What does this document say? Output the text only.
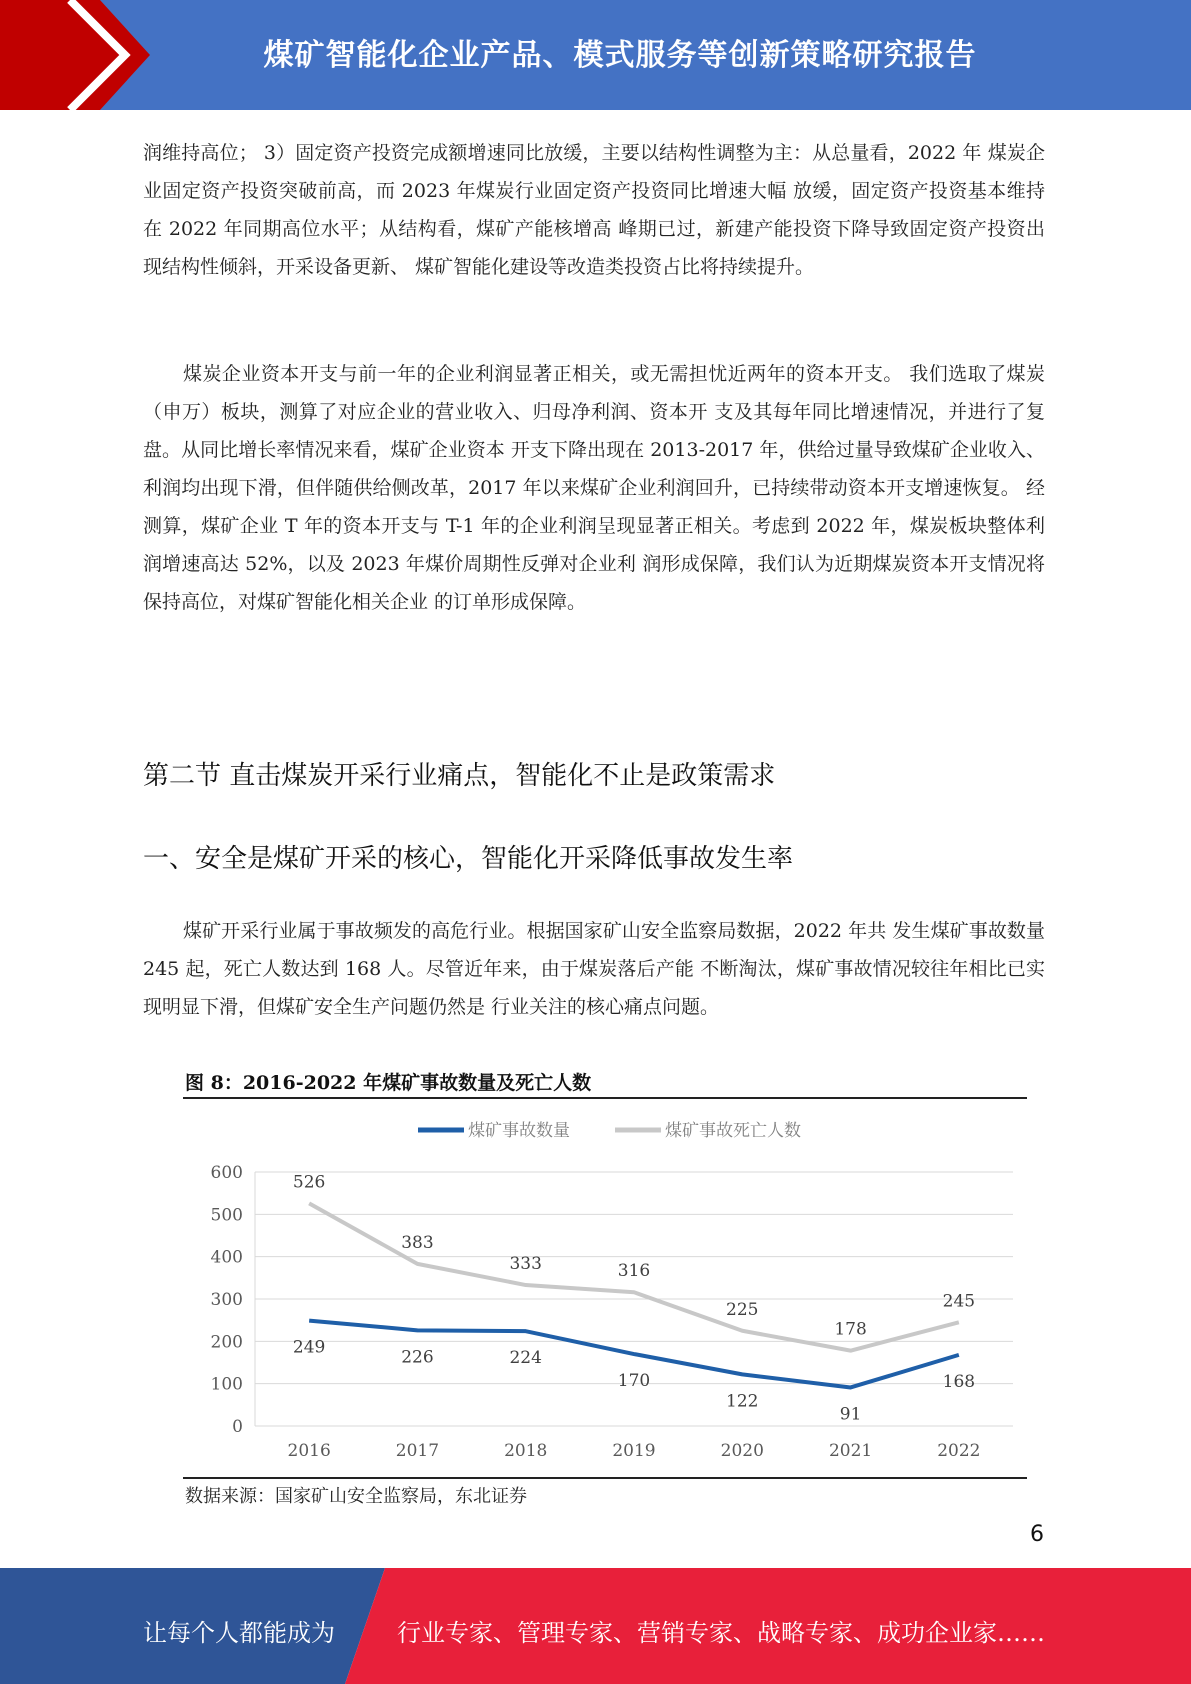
煤矿智能化企业产品、模式服务等创新策略研究报告

润维持高位； 3）固定资产投资完成额增速同比放缓，主要以结构性调整为主：从总量看，2022 年 煤炭企业固定资产投资突破前高，而 2023 年煤炭行业固定资产投资同比增速大幅 放缓，固定资产投资基本维持在 2022 年同期高位水平；从结构看，煤矿产能核增高 峰期已过，新建产能投资下降导致固定资产投资出现结构性倾斜，开采设备更新、 煤矿智能化建设等改造类投资占比将持续提升。

煤炭企业资本开支与前一年的企业利润显著正相关，或无需担忧近两年的资本开支。 我们选取了煤炭（申万）板块，测算了对应企业的营业收入、归母净利润、资本开 支及其每年同比增速情况，并进行了复盘。从同比增长率情况来看，煤矿企业资本 开支下降出现在 2013-2017 年，供给过量导致煤矿企业收入、利润均出现下滑，但伴随供给侧改革，2017 年以来煤矿企业利润回升，已持续带动资本开支增速恢复。 经测算，煤矿企业 T 年的资本开支与 T-1 年的企业利润呈现显著正相关。考虑到 2022 年，煤炭板块整体利润增速高达 52%，以及 2023 年煤价周期性反弹对企业利 润形成保障，我们认为近期煤炭资本开支情况将保持高位，对煤矿智能化相关企业 的订单形成保障。

第二节 直击煤炭开采行业痛点，智能化不止是政策需求
一、安全是煤矿开采的核心，智能化开采降低事故发生率

煤矿开采行业属于事故频发的高危行业。根据国家矿山安全监察局数据，2022 年共 发生煤矿事故数量 245 起，死亡人数达到 168 人。尽管近年来，由于煤炭落后产能 不断淘汰，煤矿事故情况较往年相比已实现明显下滑，但煤矿安全生产问题仍然是 行业关注的核心痛点问题。

图 8：2016-2022 年煤矿事故数量及死亡人数
煤矿事故数量	煤矿事故死亡人数
0
100
200
300
400
500
600
2016	2017	2018	2019	2020	2021	2022
249	226	224
170
122
91
168
526
383
333	316
225
178
245
数据来源：国家矿山安全监察局，东北证券
6
让每个人都能成为	行业专家、管理专家、营销专家、战略专家、成功企业家……
